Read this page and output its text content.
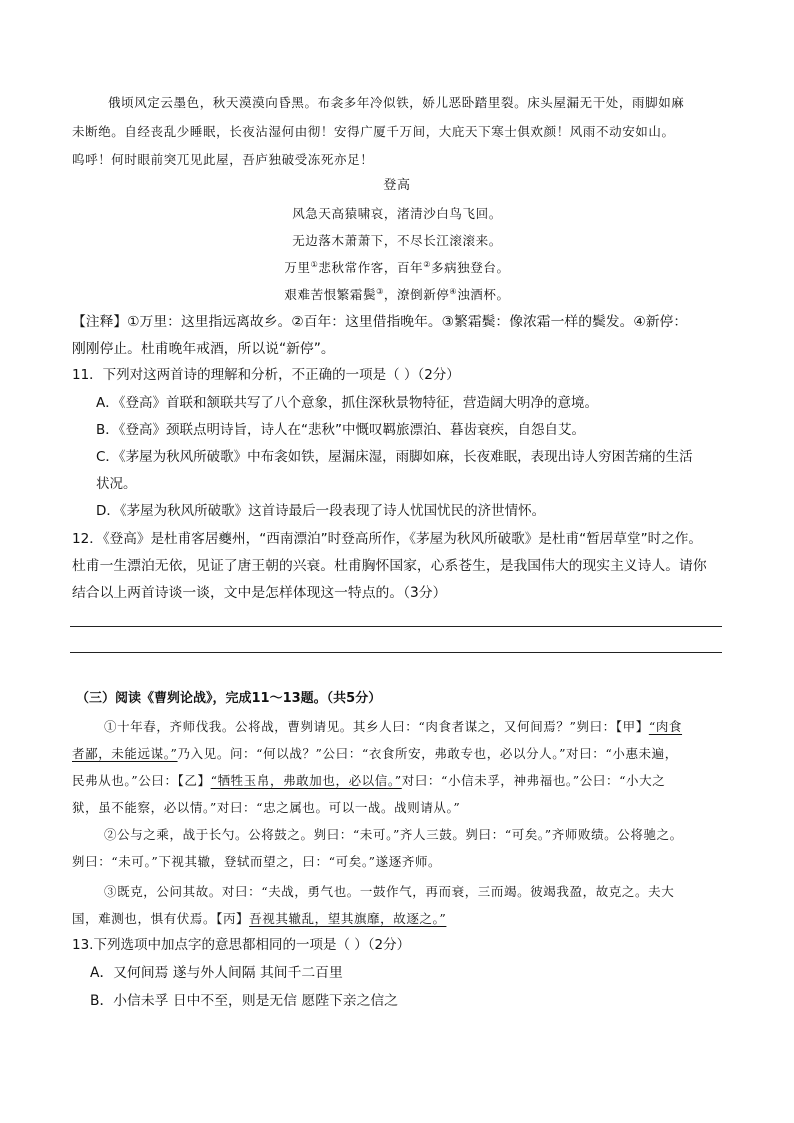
俄顷风定云墨色，秋天漠漠向昏黑。布衾多年冷似铁，娇儿恶卧踏里裂。床头屋漏无干处，雨脚如麻
未断绝。自经丧乱少睡眠，长夜沾湿何由彻！安得广厦千万间，大庇天下寒士俱欢颜！风雨不动安如山。
呜呼！何时眼前突兀见此屋，吾庐独破受冻死亦足！
登高
风急天高猿啸哀，渚清沙白鸟飞回。
无边落木萧萧下，不尽长江滚滚来。
万里①悲秋常作客，百年②多病独登台。
艰难苦恨繁霜鬓③，潦倒新停④浊酒杯。
【注释】①万里：这里指远离故乡。②百年：这里借指晚年。③繁霜鬓：像浓霜一样的鬓发。④新停：
刚刚停止。杜甫晚年戒酒，所以说“新停”。
11．下列对这两首诗的理解和分析，不正确的一项是（ ）（2分）
A．《登高》首联和颔联共写了八个意象，抓住深秋景物特征，营造阔大明净的意境。
B．《登高》颈联点明诗旨，诗人在“悲秋”中慨叹羁旅漂泊、暮齿衰疾，自怨自艾。
C．《茅屋为秋风所破歌》中布衾如铁，屋漏床湿，雨脚如麻，长夜难眠，表现出诗人穷困苦痛的生活
状况。
D．《茅屋为秋风所破歌》这首诗最后一段表现了诗人忧国忧民的济世情怀。
12．《登高》是杜甫客居夔州，“西南漂泊”时登高所作，《茅屋为秋风所破歌》是杜甫“暂居草堂”时之作。
杜甫一生漂泊无依，见证了唐王朝的兴衰。杜甫胸怀国家，心系苍生，是我国伟大的现实主义诗人。请你
结合以上两首诗谈一谈，文中是怎样体现这一特点的。（3分）
（三）阅读《曹刿论战》，完成11～13题。（共5分）
①十年春，齐师伐我。公将战，曹刿请见。其乡人曰：“肉食者谋之，又何间焉？”刿曰：【甲】“肉食
者鄙，未能远谋。”乃入见。问：“何以战？”公曰：“衣食所安，弗敢专也，必以分人。”对曰：“小惠未遍，
民弗从也。”公曰：【乙】“牺牲玉帛，弗敢加也，必以信。”对曰：“小信未孚，神弗福也。”公曰：“小大之
狱，虽不能察，必以情。”对曰：“忠之属也。可以一战。战则请从。”
②公与之乘，战于长勺。公将鼓之。刿曰：“未可。”齐人三鼓。刿曰：“可矣。”齐师败绩。公将驰之。
刿曰：“未可。”下视其辙，登轼而望之，曰：“可矣。”遂逐齐师。
③既克，公问其故。对曰：“夫战，勇气也。一鼓作气，再而衰，三而竭。彼竭我盈，故克之。夫大
国，难测也，惧有伏焉。【丙】吾视其辙乱，望其旗靡，故逐之。”
13.下列选项中加点字的意思都相同的一项是（ ）（2分）
A．又何间焉 遂与外人间隔 其间千二百里
B．小信未孚 日中不至，则是无信 愿陛下亲之信之
